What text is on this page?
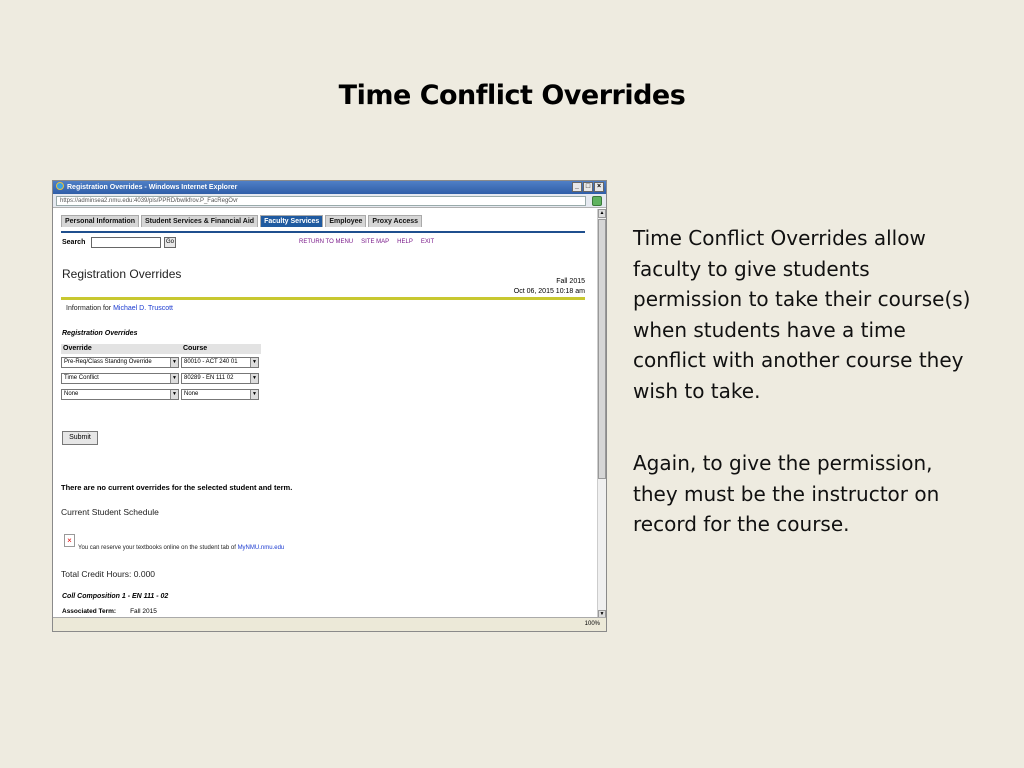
Time Conflict Overrides
Time Conflict Overrides allow faculty to give students permission to take their course(s) when students have a time conflict with another course they wish to take.
Again, to give the permission, they must be the instructor on record for the course.
Registration Overrides - Windows Internet Explorer	_ □ ×
https://adminsea2.nmu.edu:4039/pls/PPRD/bwlkfrov.P_FacRegOvr
Personal Information	Student Services & Financial Aid	Faculty Services	Employee	Proxy Access
Search	Go	RETURN TO MENU SITE MAP HELP EXIT
Registration Overrides
Fall 2015
Oct 06, 2015 10:18 am
Information for Michael D. Truscott
Registration Overrides
Override	Course
Pre-Req/Class Standng Override	▼	80010 - ACT 240 01	▼
Time Conflict	▼	80289 - EN 111 02	▼
None	▼	None	▼
Submit
There are no current overrides for the selected student and term.
Current Student Schedule
×
You can reserve your textbooks online on the student tab of MyNMU.nmu.edu
Total Credit Hours: 0.000
Coll Composition 1 - EN 111 - 02
Associated Term: Fall 2015
▲
▼
100%
